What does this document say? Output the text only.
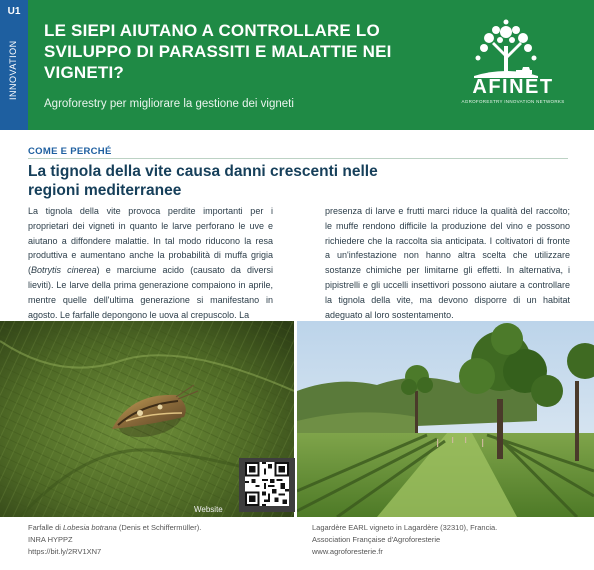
U1
INNOVATION
LE SIEPI AIUTANO A CONTROLLARE LO SVILUPPO DI PARASSITI E MALATTIE NEI VIGNETI?
Agroforestry per migliorare la gestione dei vigneti
AFINET
AGROFORESTRY INNOVATION NETWORKS
COME E PERCHÉ
La tignola della vite causa danni crescenti nelle regioni mediterranee
La tignola della vite provoca perdite importanti per i proprietari dei vigneti in quanto le larve perforano le uve e aiutano a diffondere malattie. In tal modo riducono la resa produttiva e aumentano anche la probabilità di muffa grigia (Botrytis cinerea) e marciume acido (causato da diversi lieviti). Le larve della prima generazione compaiono in aprile, mentre quelle dell'ultima generazione si manifestano in agosto. Le farfalle depongono le uova al crepuscolo. La
presenza di larve e frutti marci riduce la qualità del raccolto; le muffe rendono difficile la produzione del vino e possono richiedere che la raccolta sia anticipata. I coltivatori di fronte a un'infestazione non hanno altra scelta che utilizzare sostanze chimiche per limitarne gli effetti. In alternativa, i pipistrelli e gli uccelli insettivori possono aiutare a controllare la tignola della vite, ma devono disporre di un habitat adeguato al loro sostentamento.
Website
Farfalle di Lobesia botrana (Denis et Schiffermüller).
INRA HYPPZ
https://bit.ly/2RV1XN7
Lagardère EARL vigneto in Lagardère (32310), Francia.
Association Française d'Agroforesterie
www.agroforesterie.fr
